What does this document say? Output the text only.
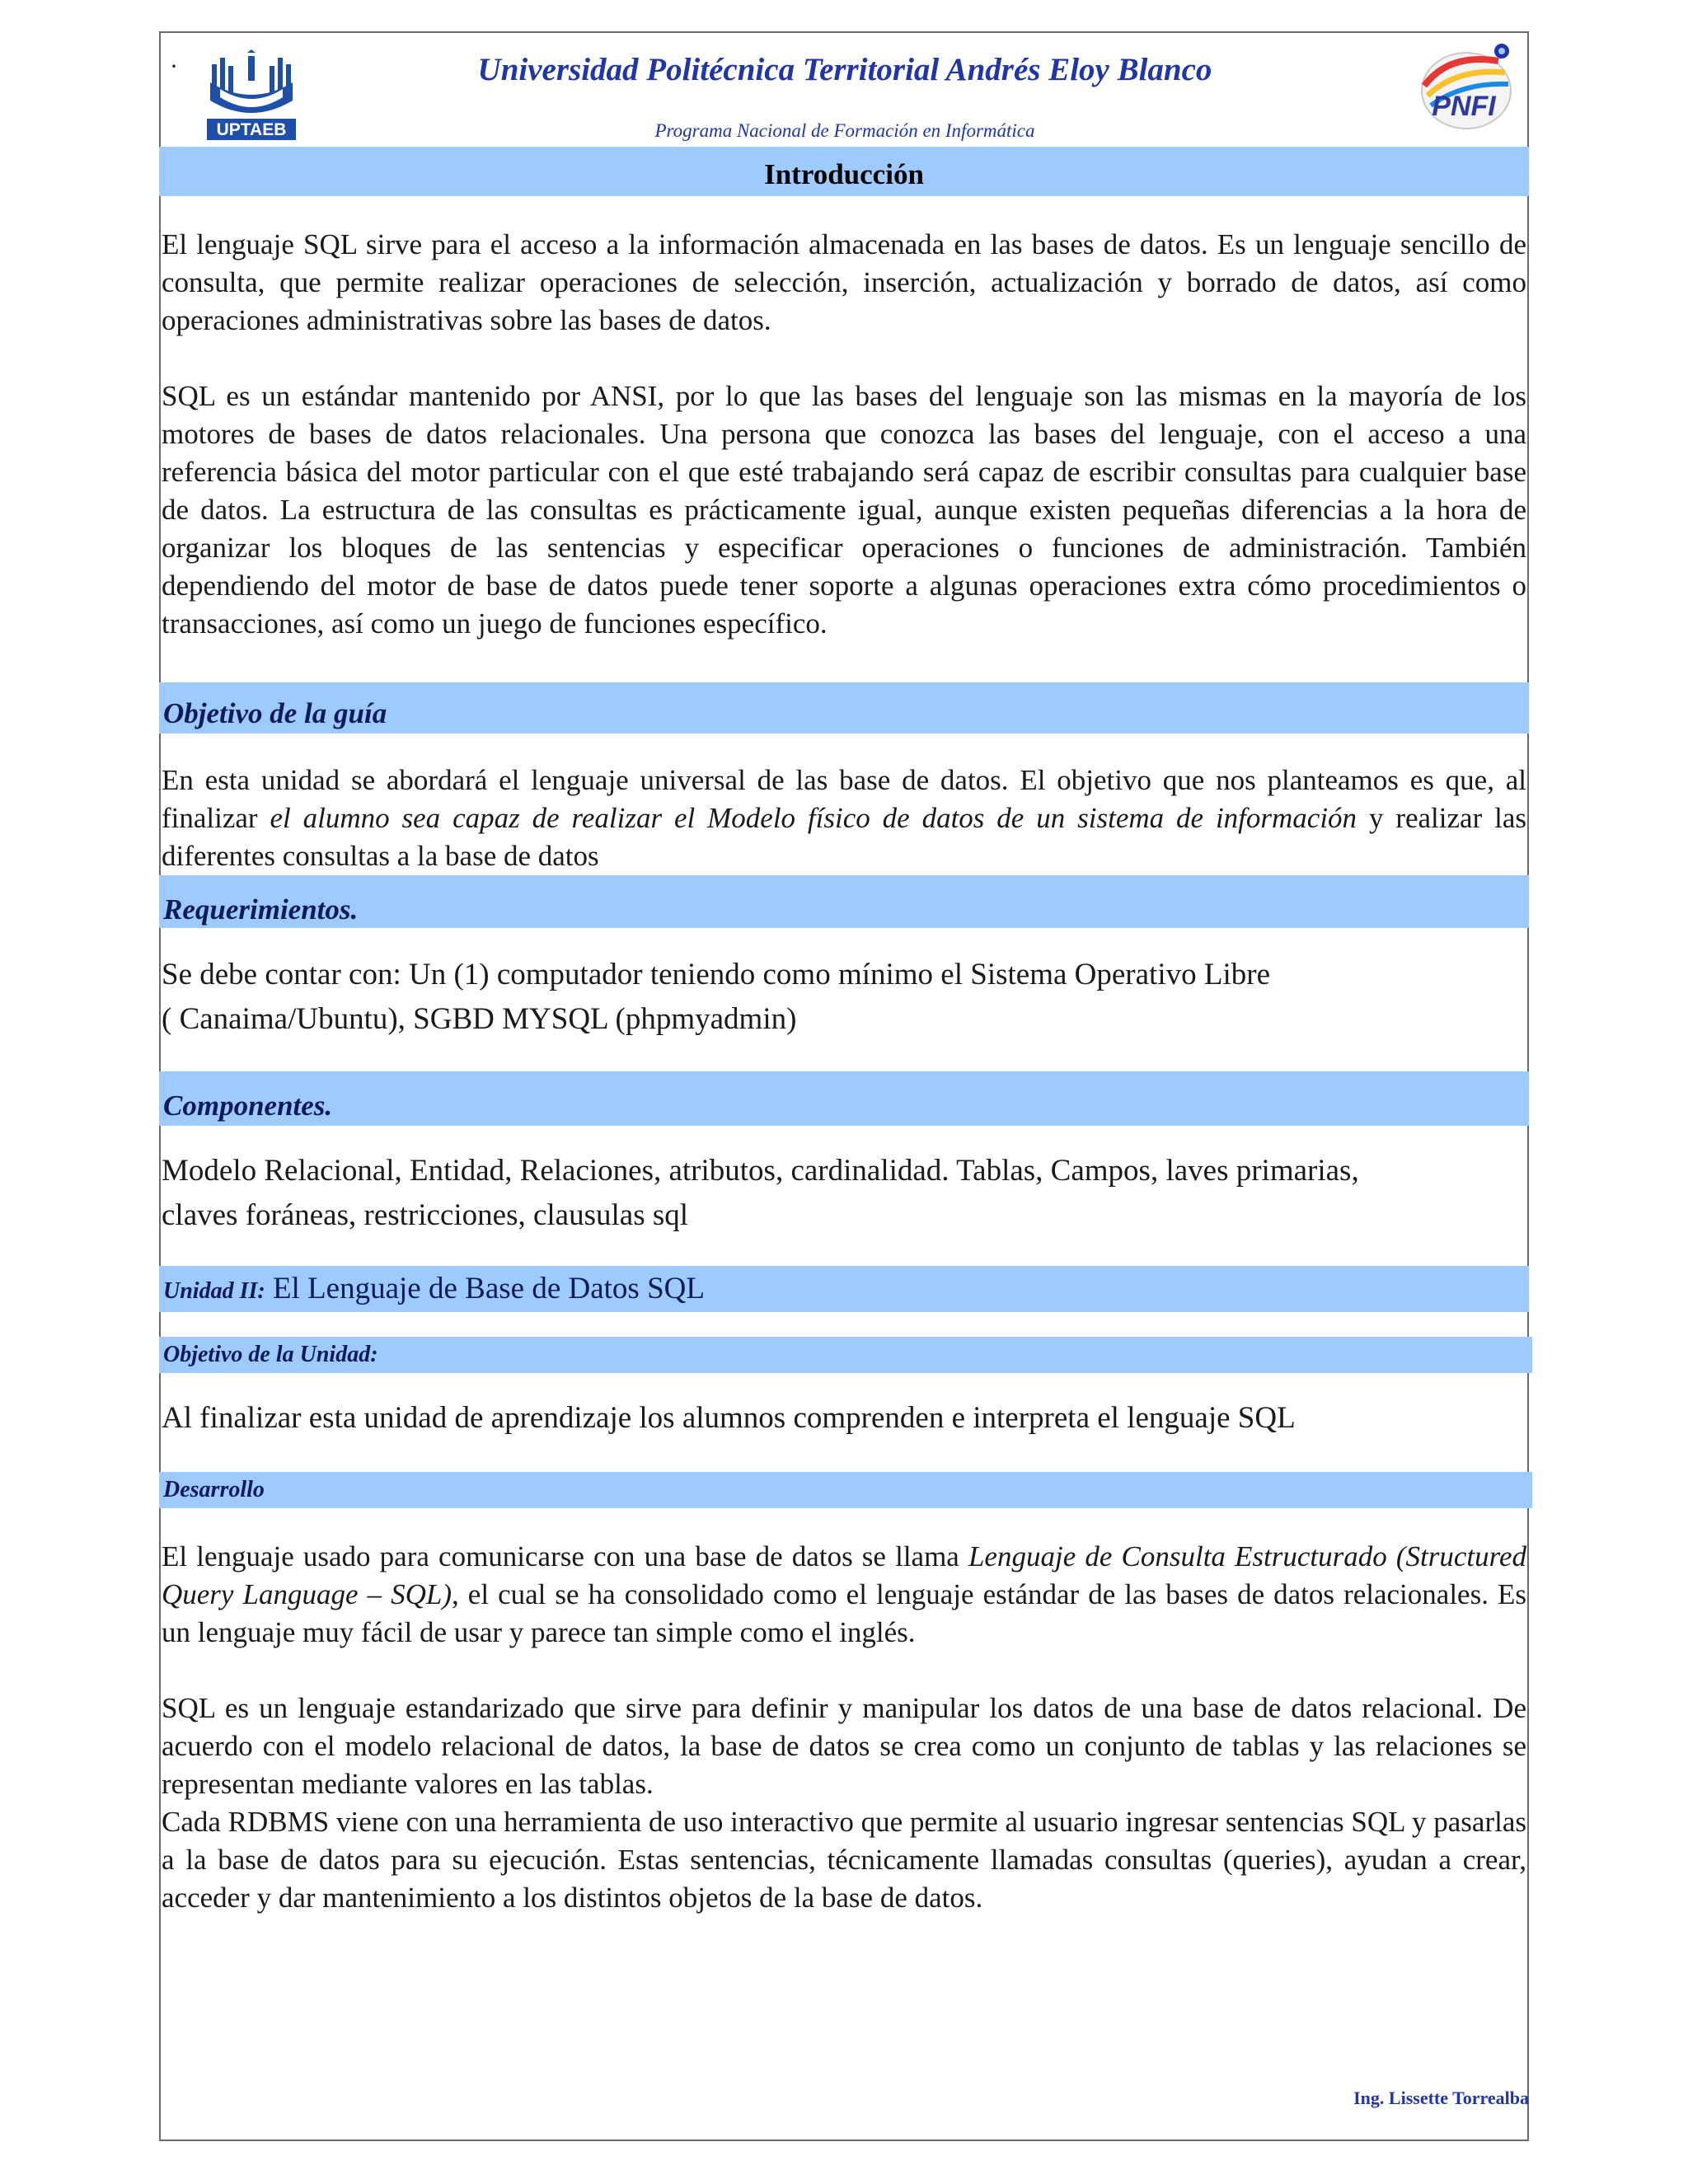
·
UPTAEB
Universidad Politécnica Territorial Andrés Eloy Blanco
Programa Nacional de Formación en Informática
PNFI
Introducción

El lenguaje SQL sirve para el acceso a la información almacenada en las bases de datos. Es un lenguaje sencillo de consulta, que permite realizar operaciones de selección, inserción, actualización y borrado de datos, así como operaciones administrativas sobre las bases de datos.

SQL es un estándar mantenido por ANSI, por lo que las bases del lenguaje son las mismas en la mayoría de los motores de bases de datos relacionales. Una persona que conozca las bases del lenguaje, con el acceso a una referencia básica del motor particular con el que esté trabajando será capaz de escribir consultas para cualquier base de datos. La estructura de las consultas es prácticamente igual, aunque existen pequeñas diferencias a la hora de organizar los bloques de las sentencias y especificar operaciones o funciones de administración. También dependiendo del motor de base de datos puede tener soporte a algunas operaciones extra cómo procedimientos o transacciones, así como un juego de funciones específico.

Objetivo de la guía

En esta unidad se abordará el lenguaje universal de las base de datos. El objetivo que nos planteamos es que, al finalizar el alumno sea capaz de realizar el Modelo físico de datos de un sistema de información y realizar las diferentes consultas a la base de datos

Requerimientos.

Se debe contar con: Un (1) computador teniendo como mínimo el Sistema Operativo Libre

( Canaima/Ubuntu), SGBD MYSQL (phpmyadmin)

Componentes.

Modelo Relacional, Entidad, Relaciones, atributos, cardinalidad. Tablas, Campos, laves primarias,

claves foráneas, restricciones, clausulas sql

Unidad II: El Lenguaje de Base de Datos SQL
Objetivo de la Unidad:

Al finalizar esta unidad de aprendizaje los alumnos comprenden e interpreta el lenguaje SQL

Desarrollo

El lenguaje usado para comunicarse con una base de datos se llama Lenguaje de Consulta Estructurado (Structured Query Language – SQL), el cual se ha consolidado como el lenguaje estándar de las bases de datos relacionales. Es un lenguaje muy fácil de usar y parece tan simple como el inglés.

SQL es un lenguaje estandarizado que sirve para definir y manipular los datos de una base de datos relacional. De acuerdo con el modelo relacional de datos, la base de datos se crea como un conjunto de tablas y las relaciones se representan mediante valores en las tablas.

Cada RDBMS viene con una herramienta de uso interactivo que permite al usuario ingresar sentencias SQL y pasarlas a la base de datos para su ejecución. Estas sentencias, técnicamente llamadas consultas (queries), ayudan a crear, acceder y dar mantenimiento a los distintos objetos de la base de datos.

Ing. Lissette Torrealba
